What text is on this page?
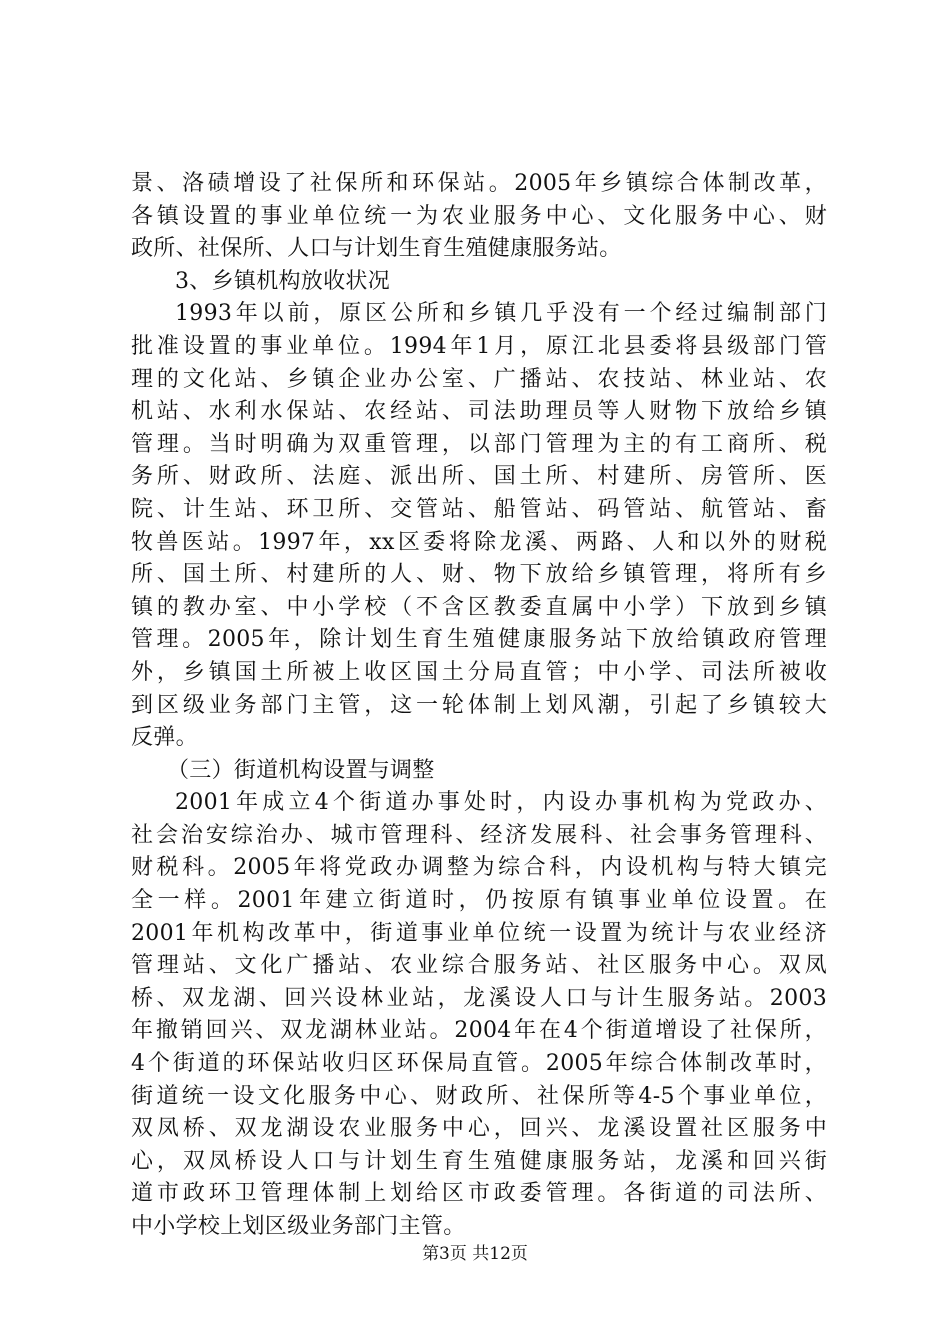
景、洛碛增设了社保所和环保站。2005年乡镇综合体制改革，
各镇设置的事业单位统一为农业服务中心、文化服务中心、财
政所、社保所、人口与计划生育生殖健康服务站。
3、乡镇机构放收状况
1993年以前，原区公所和乡镇几乎没有一个经过编制部门
批准设置的事业单位。1994年1月，原江北县委将县级部门管
理的文化站、乡镇企业办公室、广播站、农技站、林业站、农
机站、水利水保站、农经站、司法助理员等人财物下放给乡镇
管理。当时明确为双重管理，以部门管理为主的有工商所、税
务所、财政所、法庭、派出所、国土所、村建所、房管所、医
院、计生站、环卫所、交管站、船管站、码管站、航管站、畜
牧兽医站。1997年，xx区委将除龙溪、两路、人和以外的财税
所、国土所、村建所的人、财、物下放给乡镇管理，将所有乡
镇的教办室、中小学校（不含区教委直属中小学）下放到乡镇
管理。2005年，除计划生育生殖健康服务站下放给镇政府管理
外，乡镇国土所被上收区国土分局直管；中小学、司法所被收
到区级业务部门主管，这一轮体制上划风潮，引起了乡镇较大
反弹。
（三）街道机构设置与调整
2001年成立4个街道办事处时，内设办事机构为党政办、
社会治安综治办、城市管理科、经济发展科、社会事务管理科、
财税科。2005年将党政办调整为综合科，内设机构与特大镇完
全一样。2001年建立街道时，仍按原有镇事业单位设置。在
2001年机构改革中，街道事业单位统一设置为统计与农业经济
管理站、文化广播站、农业综合服务站、社区服务中心。双凤
桥、双龙湖、回兴设林业站，龙溪设人口与计生服务站。2003
年撤销回兴、双龙湖林业站。2004年在4个街道增设了社保所，
4个街道的环保站收归区环保局直管。2005年综合体制改革时，
街道统一设文化服务中心、财政所、社保所等4-5个事业单位，
双凤桥、双龙湖设农业服务中心，回兴、龙溪设置社区服务中
心，双凤桥设人口与计划生育生殖健康服务站，龙溪和回兴街
道市政环卫管理体制上划给区市政委管理。各街道的司法所、
中小学校上划区级业务部门主管。
第3页 共12页
